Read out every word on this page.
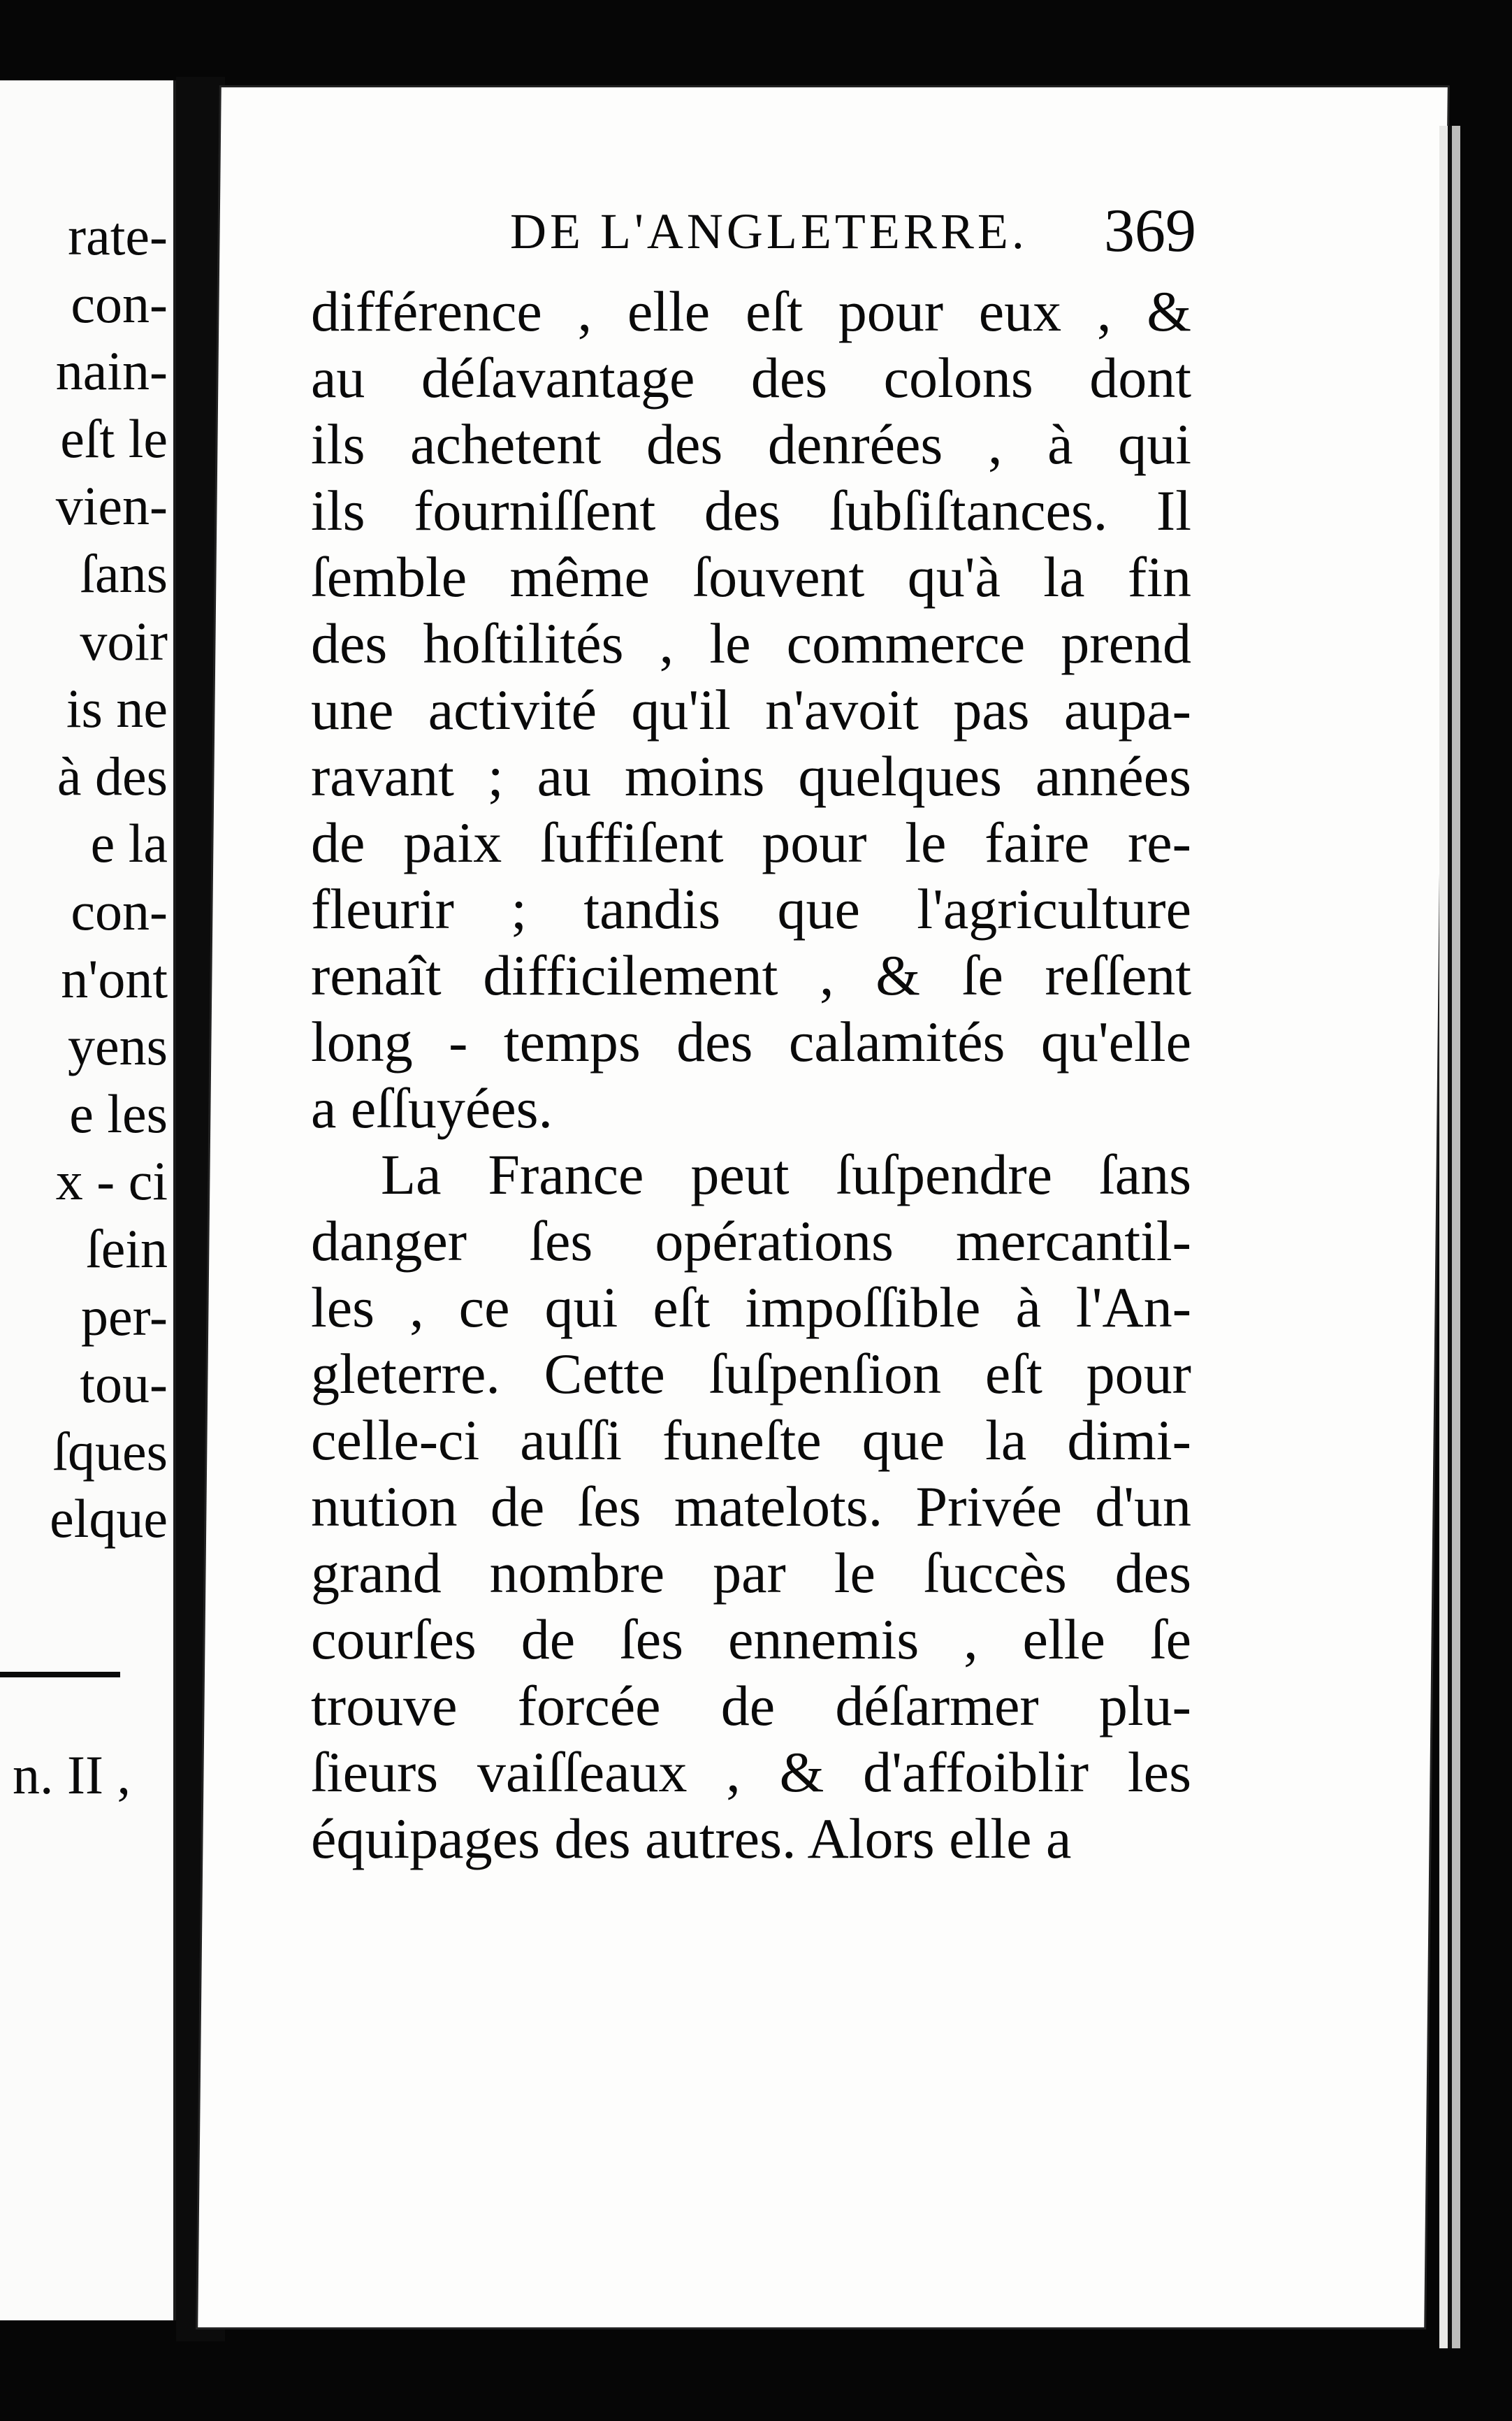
rate-
con-
nain-
eſt le
vien-
ſans
voir
is ne
à des
e la
con-
n'ont
yens
e les
x - ci
ſein
per-
tou-
ſques
elque
n. II ,
DE L'ANGLETERRE.	369
différence , elle eſt pour eux , &
au déſavantage des colons dont
ils achetent des denrées , à qui
ils fourniſſent des ſubſiſtances. Il
ſemble même ſouvent qu'à la fin
des hoſtilités , le commerce prend
une activité qu'il n'avoit pas aupa-
ravant ; au moins quelques années
de paix ſuffiſent pour le faire re-
fleurir ; tandis que l'agriculture
renaît difficilement , & ſe reſſent
long - temps des calamités qu'elle
a eſſuyées.
La France peut ſuſpendre ſans
danger ſes opérations mercantil-
les , ce qui eſt impoſſible à l'An-
gleterre. Cette ſuſpenſion eſt pour
celle-ci auſſi funeſte que la dimi-
nution de ſes matelots. Privée d'un
grand nombre par le ſuccès des
courſes de ſes ennemis , elle ſe
trouve forcée de déſarmer plu-
ſieurs vaiſſeaux , & d'affoiblir les
équipages des autres. Alors elle a
